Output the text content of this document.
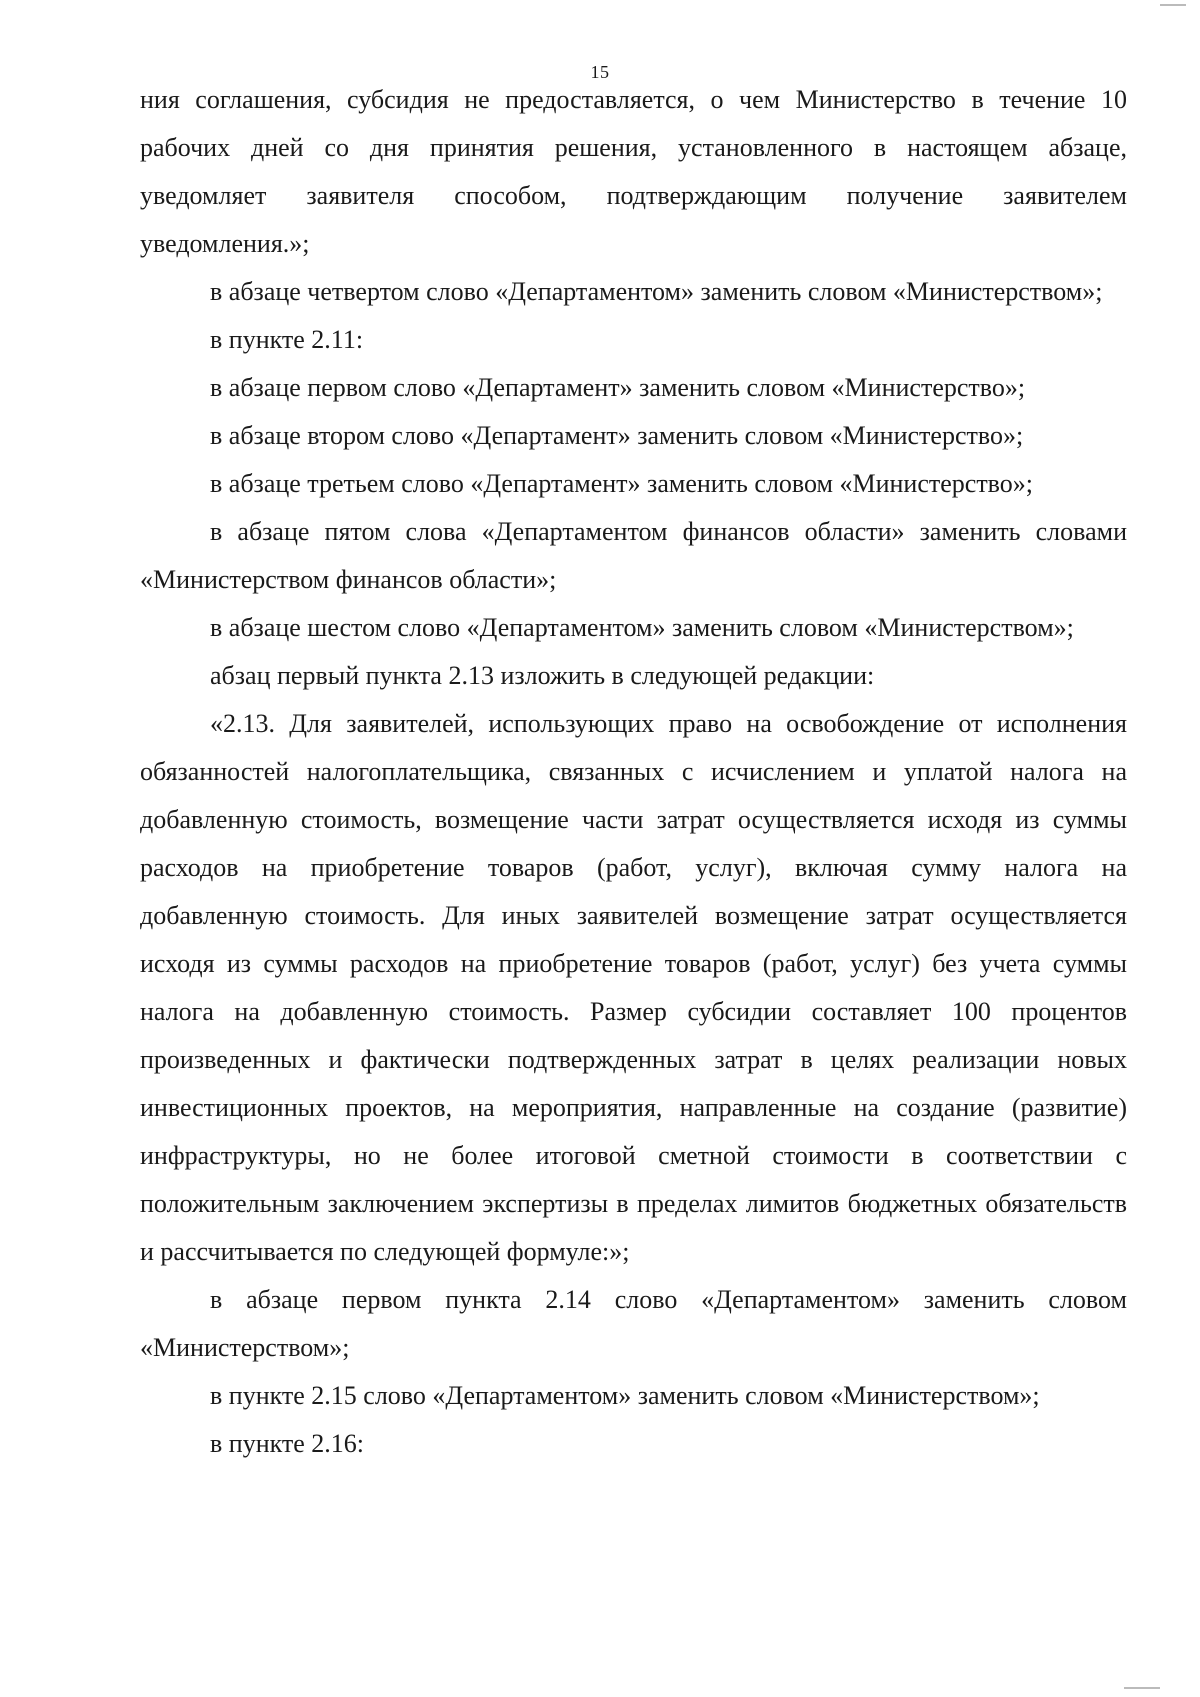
15

ния соглашения, субсидия не предоставляется, о чем Министерство в течение 10 рабочих дней со дня принятия решения, установленного в настоящем абзаце, уведомляет заявителя способом, подтверждающим получение заявителем уведомления.»;

в абзаце четвертом слово «Департаментом» заменить словом «Министерством»;

в пункте 2.11:

в абзаце первом слово «Департамент» заменить словом «Министерство»;

в абзаце втором слово «Департамент» заменить словом «Министерство»;

в абзаце третьем слово «Департамент» заменить словом «Министерство»;

в абзаце пятом слова «Департаментом финансов области» заменить словами «Министерством финансов области»;

в абзаце шестом слово «Департаментом» заменить словом «Министерством»;

абзац первый пункта 2.13 изложить в следующей редакции:

«2.13. Для заявителей, использующих право на освобождение от исполнения обязанностей налогоплательщика, связанных с исчислением и уплатой налога на добавленную стоимость, возмещение части затрат осуществляется исходя из суммы расходов на приобретение товаров (работ, услуг), включая сумму налога на добавленную стоимость. Для иных заявителей возмещение затрат осуществляется исходя из суммы расходов на приобретение товаров (работ, услуг) без учета суммы налога на добавленную стоимость. Размер субсидии составляет 100 процентов произведенных и фактически подтвержденных затрат в целях реализации новых инвестиционных проектов, на мероприятия, направленные на создание (развитие) инфраструктуры, но не более итоговой сметной стоимости в соответствии с положительным заключением экспертизы в пределах лимитов бюджетных обязательств и рассчитывается по следующей формуле:»;

в абзаце первом пункта 2.14 слово «Департаментом» заменить словом «Министерством»;

в пункте 2.15 слово «Департаментом» заменить словом «Министерством»;

в пункте 2.16:
